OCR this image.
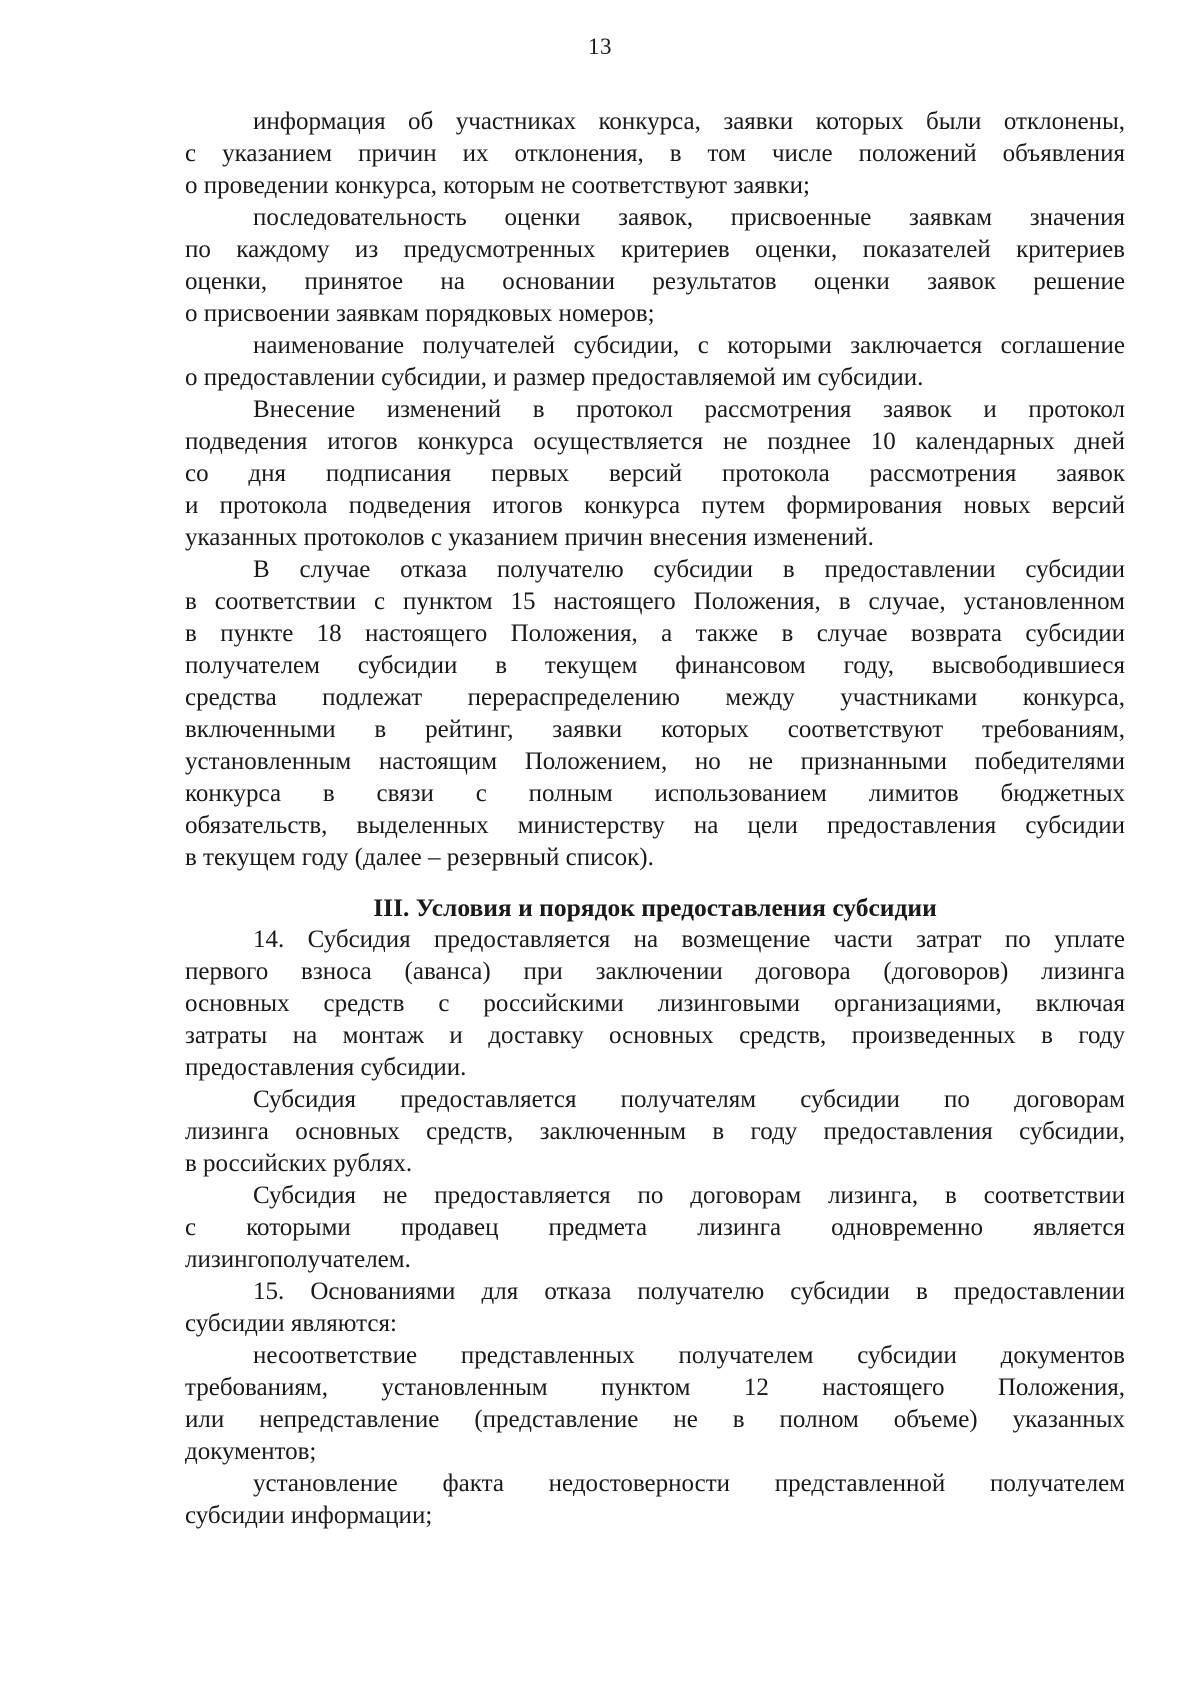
13
информация об участниках конкурса, заявки которых были отклонены,
с указанием причин их отклонения, в том числе положений объявления
о проведении конкурса, которым не соответствуют заявки;
последовательность оценки заявок, присвоенные заявкам значения
по каждому из предусмотренных критериев оценки, показателей критериев
оценки, принятое на основании результатов оценки заявок решение
о присвоении заявкам порядковых номеров;
наименование получателей субсидии, с которыми заключается соглашение
о предоставлении субсидии, и размер предоставляемой им субсидии.
Внесение изменений в протокол рассмотрения заявок и протокол
подведения итогов конкурса осуществляется не позднее 10 календарных дней
со дня подписания первых версий протокола рассмотрения заявок
и протокола подведения итогов конкурса путем формирования новых версий
указанных протоколов с указанием причин внесения изменений.
В случае отказа получателю субсидии в предоставлении субсидии
в соответствии с пунктом 15 настоящего Положения, в случае, установленном
в пункте 18 настоящего Положения, а также в случае возврата субсидии
получателем субсидии в текущем финансовом году, высвободившиеся
средства подлежат перераспределению между участниками конкурса,
включенными в рейтинг, заявки которых соответствуют требованиям,
установленным настоящим Положением, но не признанными победителями
конкурса в связи с полным использованием лимитов бюджетных
обязательств, выделенных министерству на цели предоставления субсидии
в текущем году (далее – резервный список).
III. Условия и порядок предоставления субсидии
14. Субсидия предоставляется на возмещение части затрат по уплате
первого взноса (аванса) при заключении договора (договоров) лизинга
основных средств с российскими лизинговыми организациями, включая
затраты на монтаж и доставку основных средств, произведенных в году
предоставления субсидии.
Субсидия предоставляется получателям субсидии по договорам
лизинга основных средств, заключенным в году предоставления субсидии,
в российских рублях.
Субсидия не предоставляется по договорам лизинга, в соответствии
с которыми продавец предмета лизинга одновременно является
лизингополучателем.
15. Основаниями для отказа получателю субсидии в предоставлении
субсидии являются:
несоответствие представленных получателем субсидии документов
требованиям, установленным пунктом 12 настоящего Положения,
или непредставление (представление не в полном объеме) указанных
документов;
установление факта недостоверности представленной получателем
субсидии информации;
